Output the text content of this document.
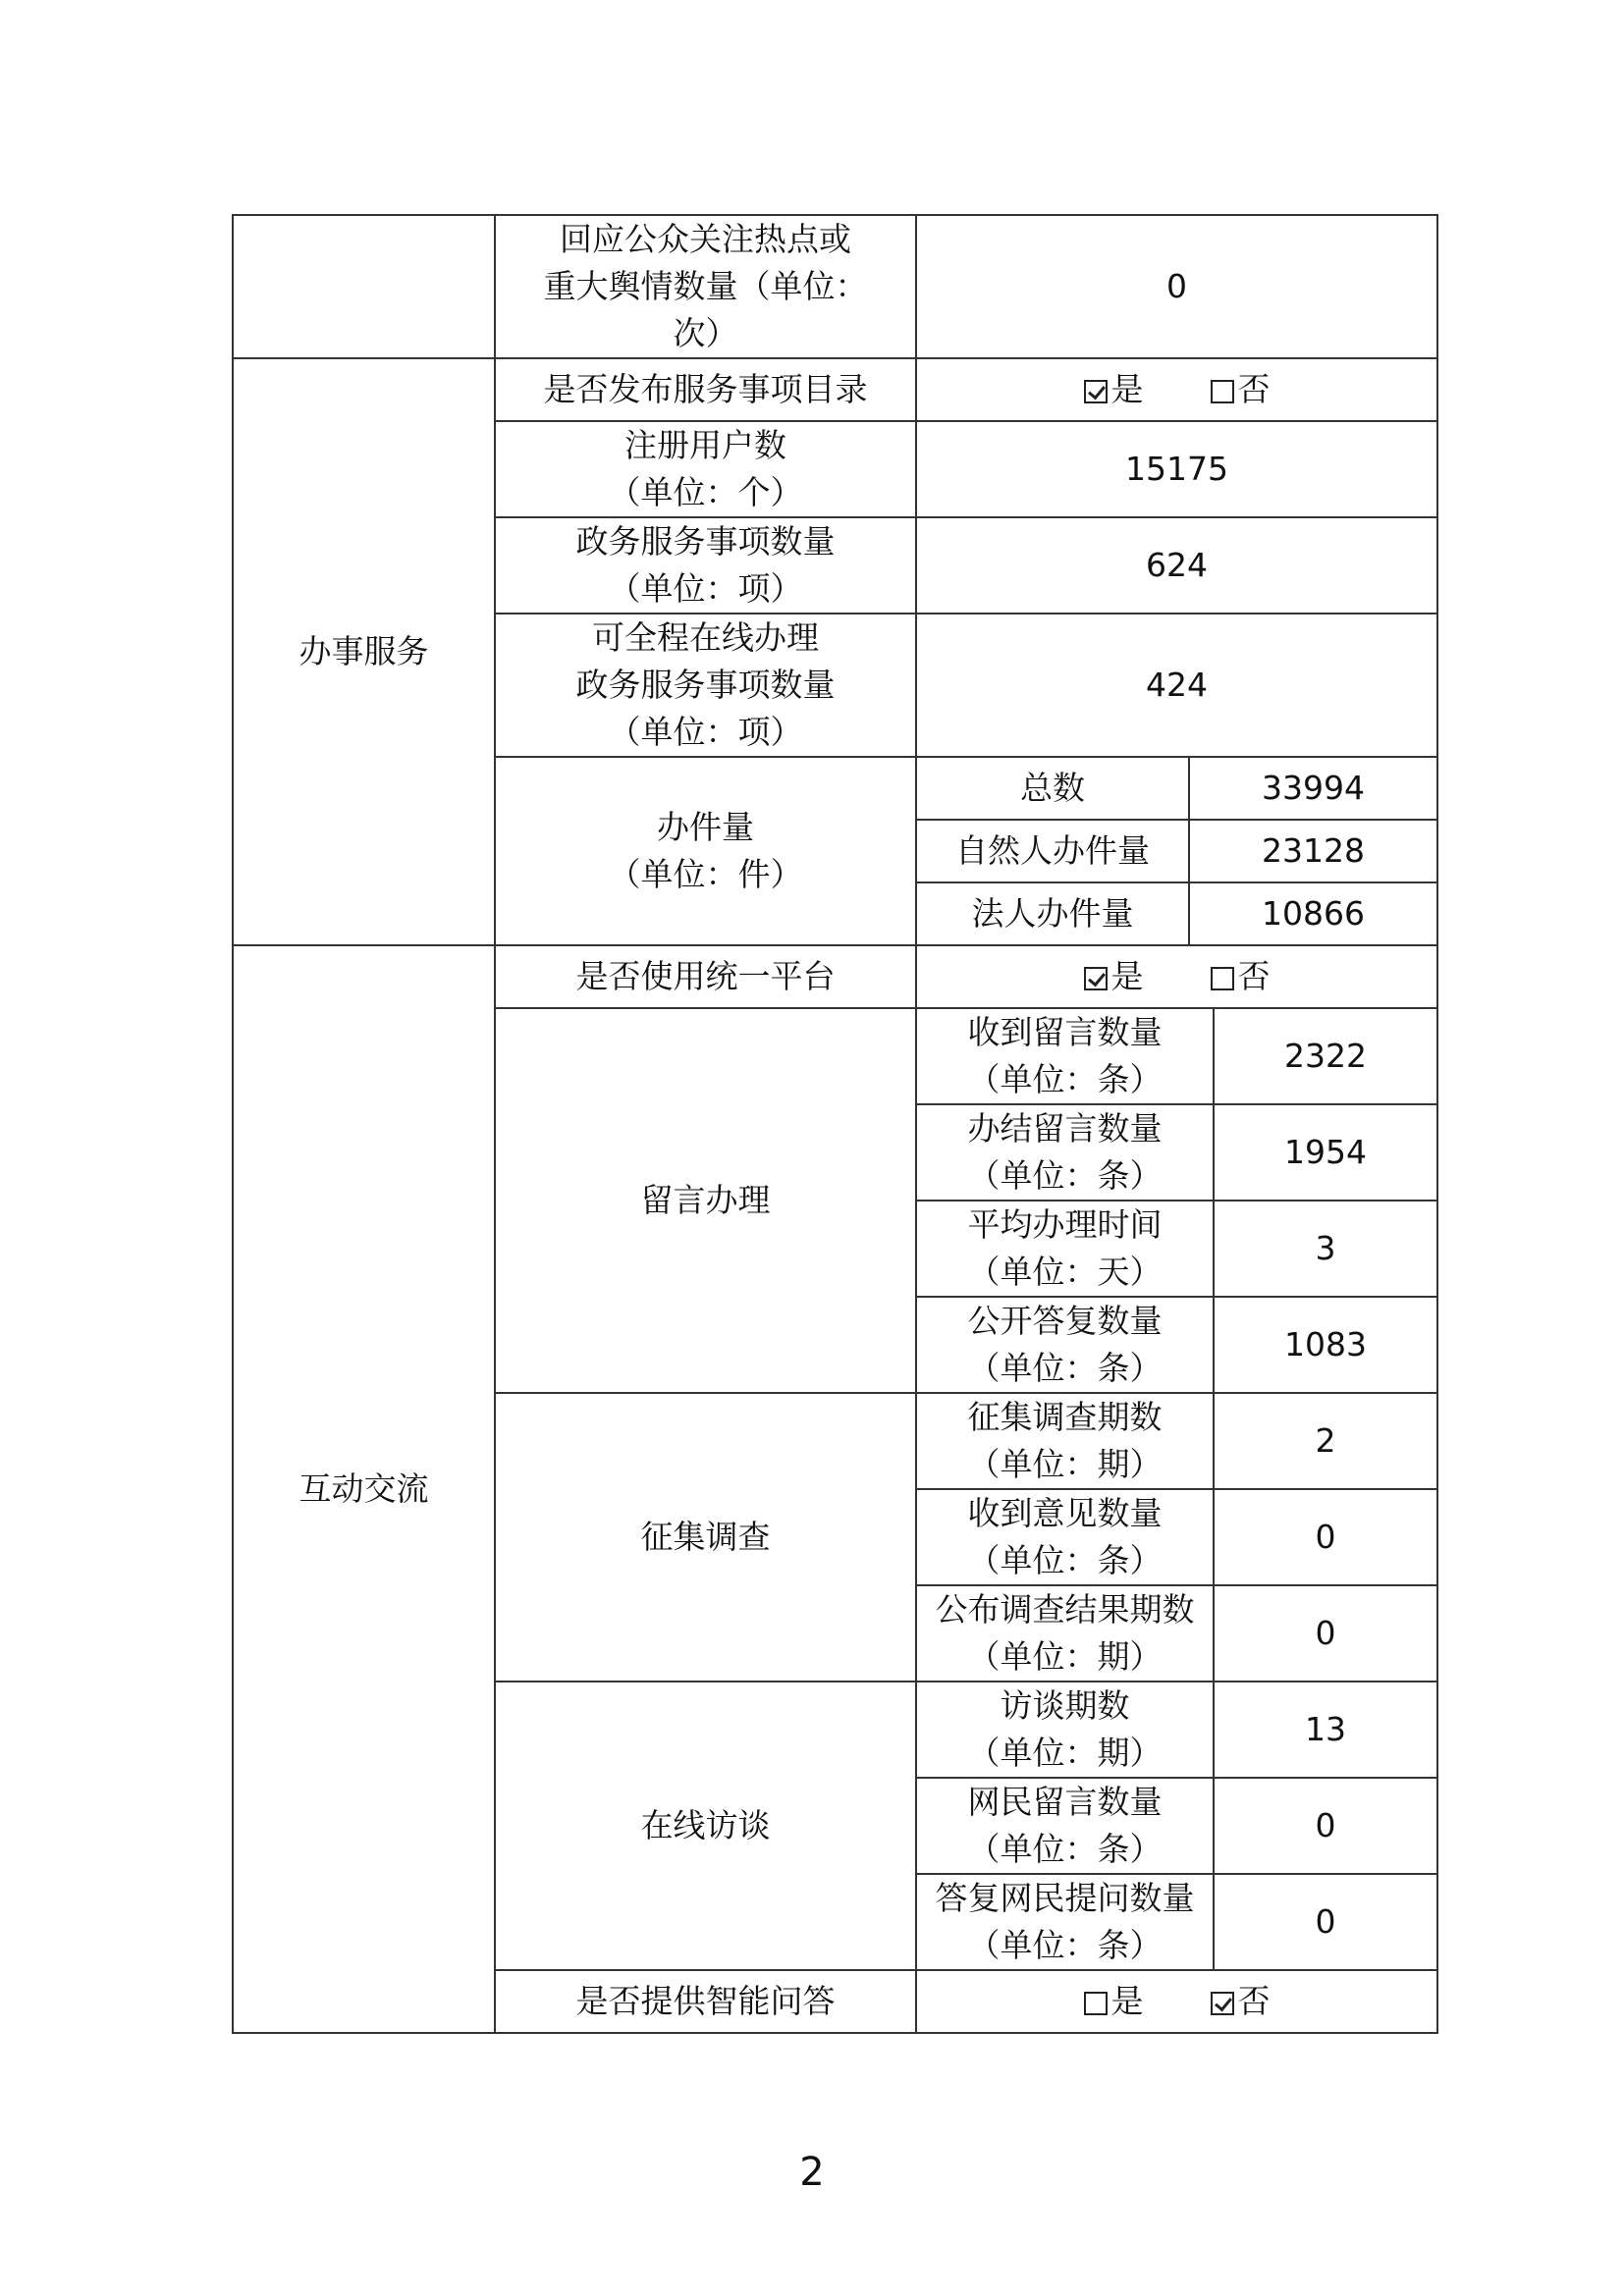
	回应公众关注热点或
重大舆情数量（单位：
次）	0		
办事服务	是否发布服务事项目录	是 否		

	注册用户数
（单位：个）	15175		

	政务服务事项数量
（单位：项）	624		

	可全程在线办理
政务服务事项数量
（单位：项）	424		

	办件量
（单位：件）	总数	33994	
		自然人办件量	23128	
		法人办件量	10866	
互动交流	是否使用统一平台	是 否		
	留言办理	收到留言数量
（单位：条）		2322

		办结留言数量
（单位：条）		1954

		平均办理时间
（单位：天）		3

		公开答复数量
（单位：条）		1083
	征集调查	征集调查期数
（单位：期）		2

		收到意见数量
（单位：条）		0

		公布调查结果期数
（单位：期）		0
	在线访谈	访谈期数
（单位：期）		13

		网民留言数量
（单位：条）		0

		答复网民提问数量
（单位：条）		0
	是否提供智能问答	是 否		
2
